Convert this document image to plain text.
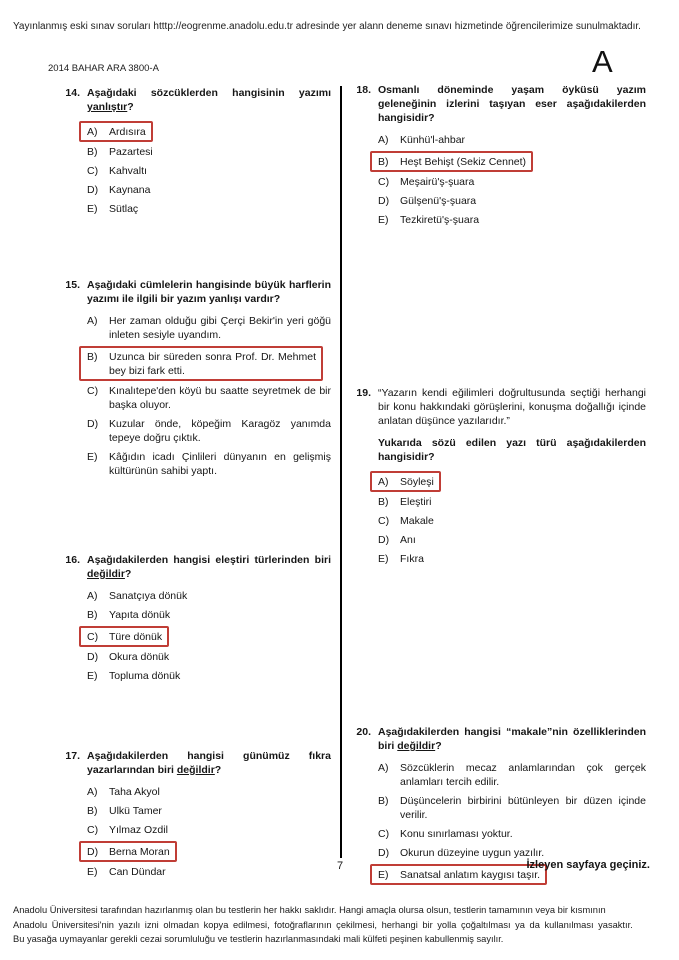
Yayınlanmış eski sınav soruları htttp://eogrenme.anadolu.edu.tr adresinde yer alann deneme sınavı hizmetinde öğrencilerimize sunulmaktadır.
2014 BAHAR ARA 3800-A	A
14. Aşağıdaki sözcüklerden hangisinin yazımı yanlıştır?
A)	Ardısıra
B)	Pazartesi
C)	Kahvaltı
D)	Kaynana
E)	Sütlaç
15. Aşağıdaki cümlelerin hangisinde büyük harflerin yazımı ile ilgili bir yazım yanlışı vardır?
A)	Her zaman olduğu gibi Çerçi Bekir'in yeri göğü inleten sesiyle uyandım.
B)	Uzunca bir süreden sonra Prof. Dr. Mehmet bey bizi fark etti.
C)	Kınalıtepe'den köyü bu saatte seyretmek de bir başka oluyor.
D)	Kuzular önde, köpeğim Karagöz yanımda tepeye doğru çıktık.
E)	Kâğıdın icadı Çinlileri dünyanın en gelişmiş kültürünün sahibi yaptı.
16. Aşağıdakilerden hangisi eleştiri türlerinden biri değildir?
A)	Sanatçıya dönük
B)	Yapıta dönük
C)	Türe dönük
D)	Okura dönük
E)	Topluma dönük
17. Aşağıdakilerden hangisi günümüz fıkra yazarlarından biri değildir?
A)	Taha Akyol
B)	Ulkü Tamer
C)	Yılmaz Ozdil
D)	Berna Moran
E)	Can Dündar
18. Osmanlı döneminde yaşam öyküsü yazım geleneğinin izlerini taşıyan eser aşağıdakilerden hangisidir?
A)	Künhü'l-ahbar
B)	Heşt Behişt (Sekiz Cennet)
C)	Meşairü'ş-şuara
D)	Gülşenü'ş-şuara
E)	Tezkiretü'ş-şuara
19. “Yazarın kendi eğilimleri doğrultusunda seçtiği herhangi bir konu hakkındaki görüşlerini, konuşma doğallığı içinde anlatan düşünce yazılarıdır.”
Yukarıda sözü edilen yazı türü aşağıdakilerden hangisidir?
A)	Söyleşi
B)	Eleştiri
C)	Makale
D)	Anı
E)	Fıkra
20. Aşağıdakilerden hangisi “makale”nin özelliklerinden biri değildir?
A)	Sözcüklerin mecaz anlamlarından çok gerçek anlamları tercih edilir.
B)	Düşüncelerin birbirini bütünleyen bir düzen içinde verilir.
C)	Konu sınırlaması yoktur.
D)	Okurun düzeyine uygun yazılır.
E)	Sanatsal anlatım kaygısı taşır.
7	İzleyen sayfaya geçiniz.
Anadolu Üniversitesi tarafından hazırlanmış olan bu testlerin her hakkı saklıdır. Hangi amaçla olursa olsun, testlerin tamamının veya bir kısmının
Anadolu Üniversitesi'nin yazılı izni olmadan kopya edilmesi, fotoğraflarının çekilmesi, herhangi bir yolla çoğaltılması ya da kullanılması yasaktır.
Bu yasağa uymayanlar gerekli cezai sorumluluğu ve testlerin hazırlanmasındaki mali külfeti peşinen kabullenmiş sayılır.
